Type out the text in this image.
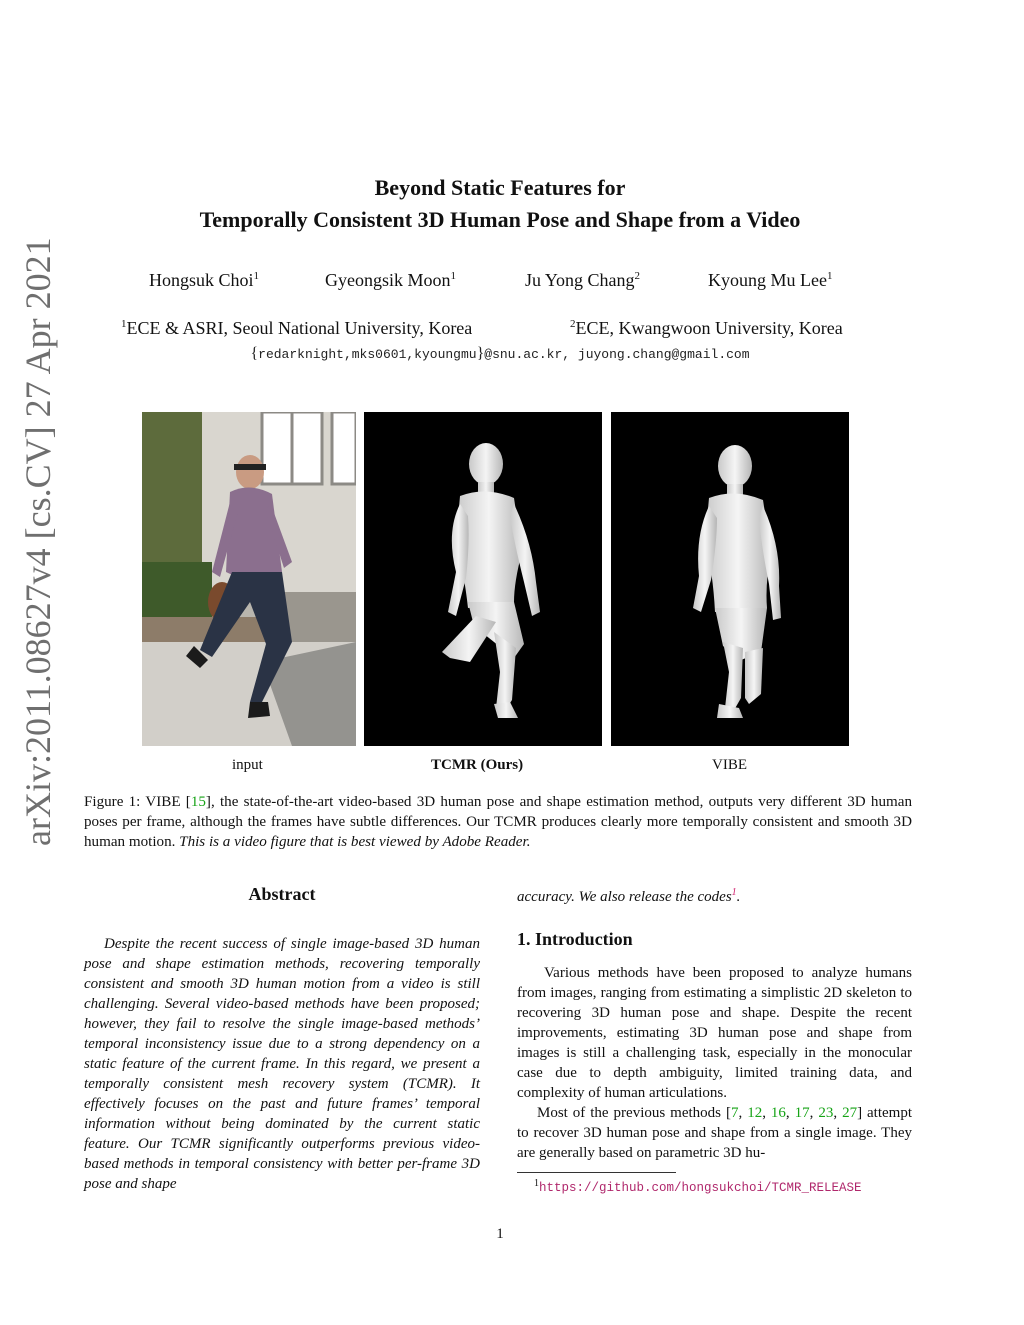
arXiv:2011.08627v4 [cs.CV] 27 Apr 2021
Beyond Static Features for
Temporally Consistent 3D Human Pose and Shape from a Video
Hongsuk Choi$^1$	Gyeongsik Moon$^1$	Ju Yong Chang$^2$	Kyoung Mu Lee$^1$
$^1$ECE & ASRI, Seoul National University, Korea	$^2$ECE, Kwangwoon University, Korea
{redarknight,mks0601,kyoungmu}@snu.ac.kr, juyong.chang@gmail.com
input	TCMR (Ours)	VIBE
Figure 1: VIBE [15], the state-of-the-art video-based 3D human pose and shape estimation method, outputs very different 3D human poses per frame, although the frames have subtle differences. Our TCMR produces clearly more temporally consistent and smooth 3D human motion. This is a video figure that is best viewed by Adobe Reader.
Abstract
Despite the recent success of single image-based 3D human pose and shape estimation methods, recovering temporally consistent and smooth 3D human motion from a video is still challenging. Several video-based methods have been proposed; however, they fail to resolve the single image-based methods’ temporal inconsistency issue due to a strong dependency on a static feature of the current frame. In this regard, we present a temporally consistent mesh recovery system (TCMR). It effectively focuses on the past and future frames’ temporal information without being dominated by the current static feature. Our TCMR significantly outperforms previous video-based methods in temporal consistency with better per-frame 3D pose and shape
accuracy. We also release the codes$^1$.
1. Introduction

Various methods have been proposed to analyze humans from images, ranging from estimating a simplistic 2D skeleton to recovering 3D human pose and shape. Despite the recent improvements, estimating 3D human pose and shape from images is still a challenging task, especially in the monocular case due to depth ambiguity, limited training data, and complexity of human articulations.

Most of the previous methods [7, 12, 16, 17, 23, 27] attempt to recover 3D human pose and shape from a single image. They are generally based on parametric 3D hu-

$^1$https://github.com/hongsukchoi/TCMR_RELEASE
1
